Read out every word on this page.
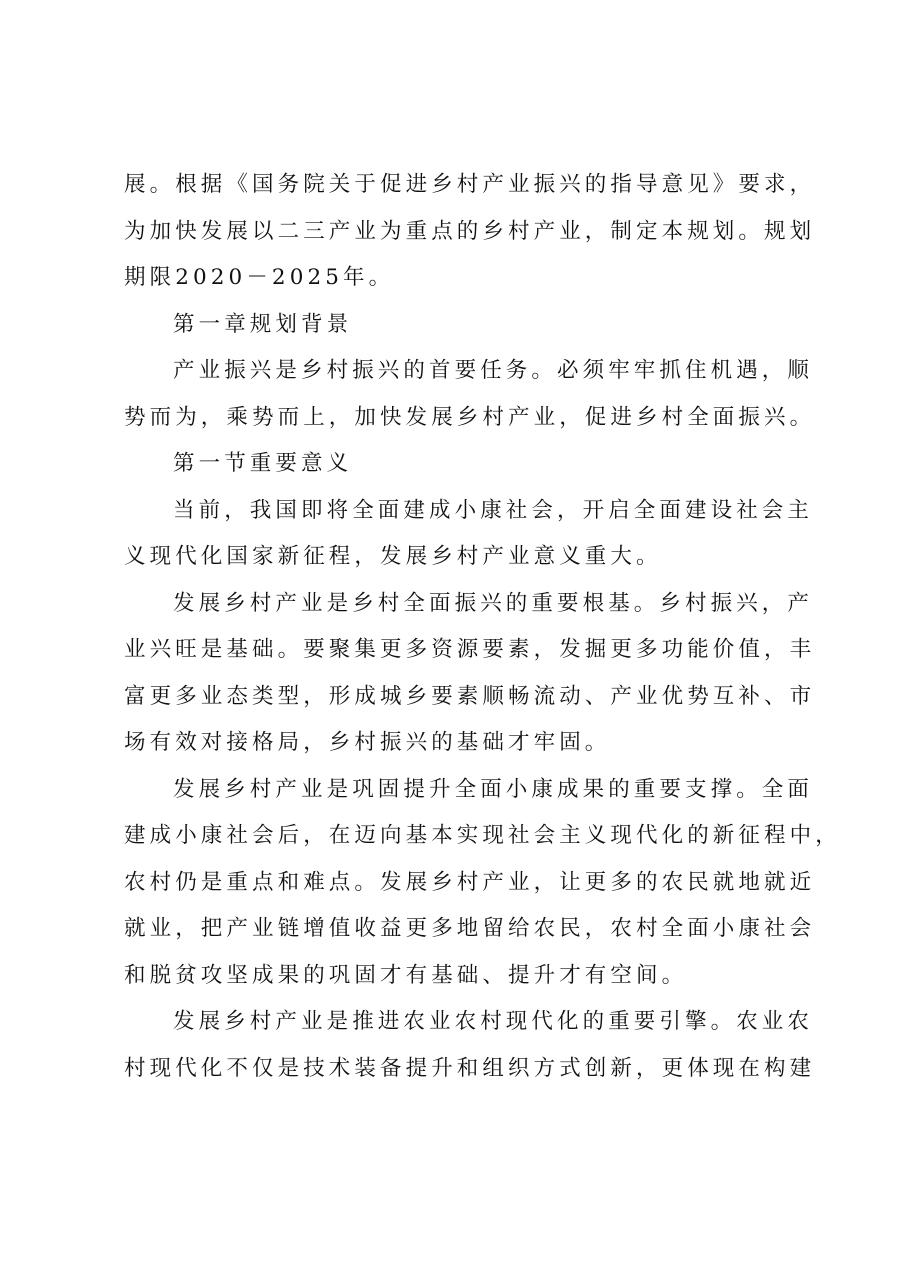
展。根据《国务院关于促进乡村产业振兴的指导意见》要求，
为加快发展以二三产业为重点的乡村产业，制定本规划。规划
期限2020－2025年。
第一章规划背景
产业振兴是乡村振兴的首要任务。必须牢牢抓住机遇，顺
势而为，乘势而上，加快发展乡村产业，促进乡村全面振兴。
第一节重要意义
当前，我国即将全面建成小康社会，开启全面建设社会主
义现代化国家新征程，发展乡村产业意义重大。
发展乡村产业是乡村全面振兴的重要根基。乡村振兴，产
业兴旺是基础。要聚集更多资源要素，发掘更多功能价值，丰
富更多业态类型，形成城乡要素顺畅流动、产业优势互补、市
场有效对接格局，乡村振兴的基础才牢固。
发展乡村产业是巩固提升全面小康成果的重要支撑。全面
建成小康社会后，在迈向基本实现社会主义现代化的新征程中，
农村仍是重点和难点。发展乡村产业，让更多的农民就地就近
就业，把产业链增值收益更多地留给农民，农村全面小康社会
和脱贫攻坚成果的巩固才有基础、提升才有空间。
发展乡村产业是推进农业农村现代化的重要引擎。农业农
村现代化不仅是技术装备提升和组织方式创新，更体现在构建
